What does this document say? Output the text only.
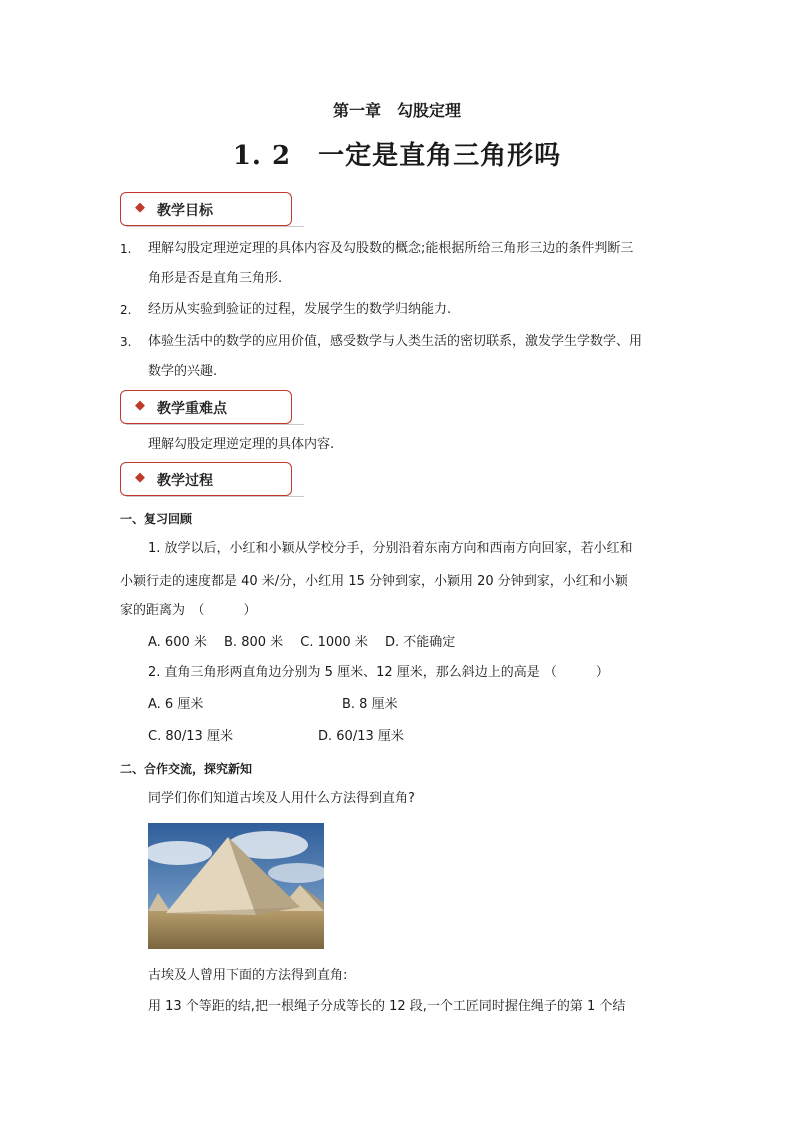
第一章　勾股定理
1. 2　一定是直角三角形吗
◆ 教学目标
1. 理解勾股定理逆定理的具体内容及勾股数的概念;能根据所给三角形三边的条件判断三
角形是否是直角三角形.
2. 经历从实验到验证的过程，发展学生的数学归纳能力.
3. 体验生活中的数学的应用价值，感受数学与人类生活的密切联系，激发学生学数学、用
数学的兴趣.
◆ 教学重难点
理解勾股定理逆定理的具体内容.
◆ 教学过程
一、复习回顾
1. 放学以后，小红和小颖从学校分手，分别沿着东南方向和西南方向回家，若小红和
小颖行走的速度都是 40 米/分，小红用 15 分钟到家，小颖用 20 分钟到家，小红和小颖
家的距离为　（　　　）
A. 600 米　 B. 800 米　 C. 1000 米　 D. 不能确定
2. 直角三角形两直角边分别为 5 厘米、12 厘米，那么斜边上的高是 （　　　）
A. 6 厘米	B. 8 厘米
C. 80/13 厘米	D. 60/13 厘米
二、合作交流，探究新知
同学们你们知道古埃及人用什么方法得到直角?
古埃及人曾用下面的方法得到直角:
用 13 个等距的结,把一根绳子分成等长的 12 段,一个工匠同时握住绳子的第 1 个结
